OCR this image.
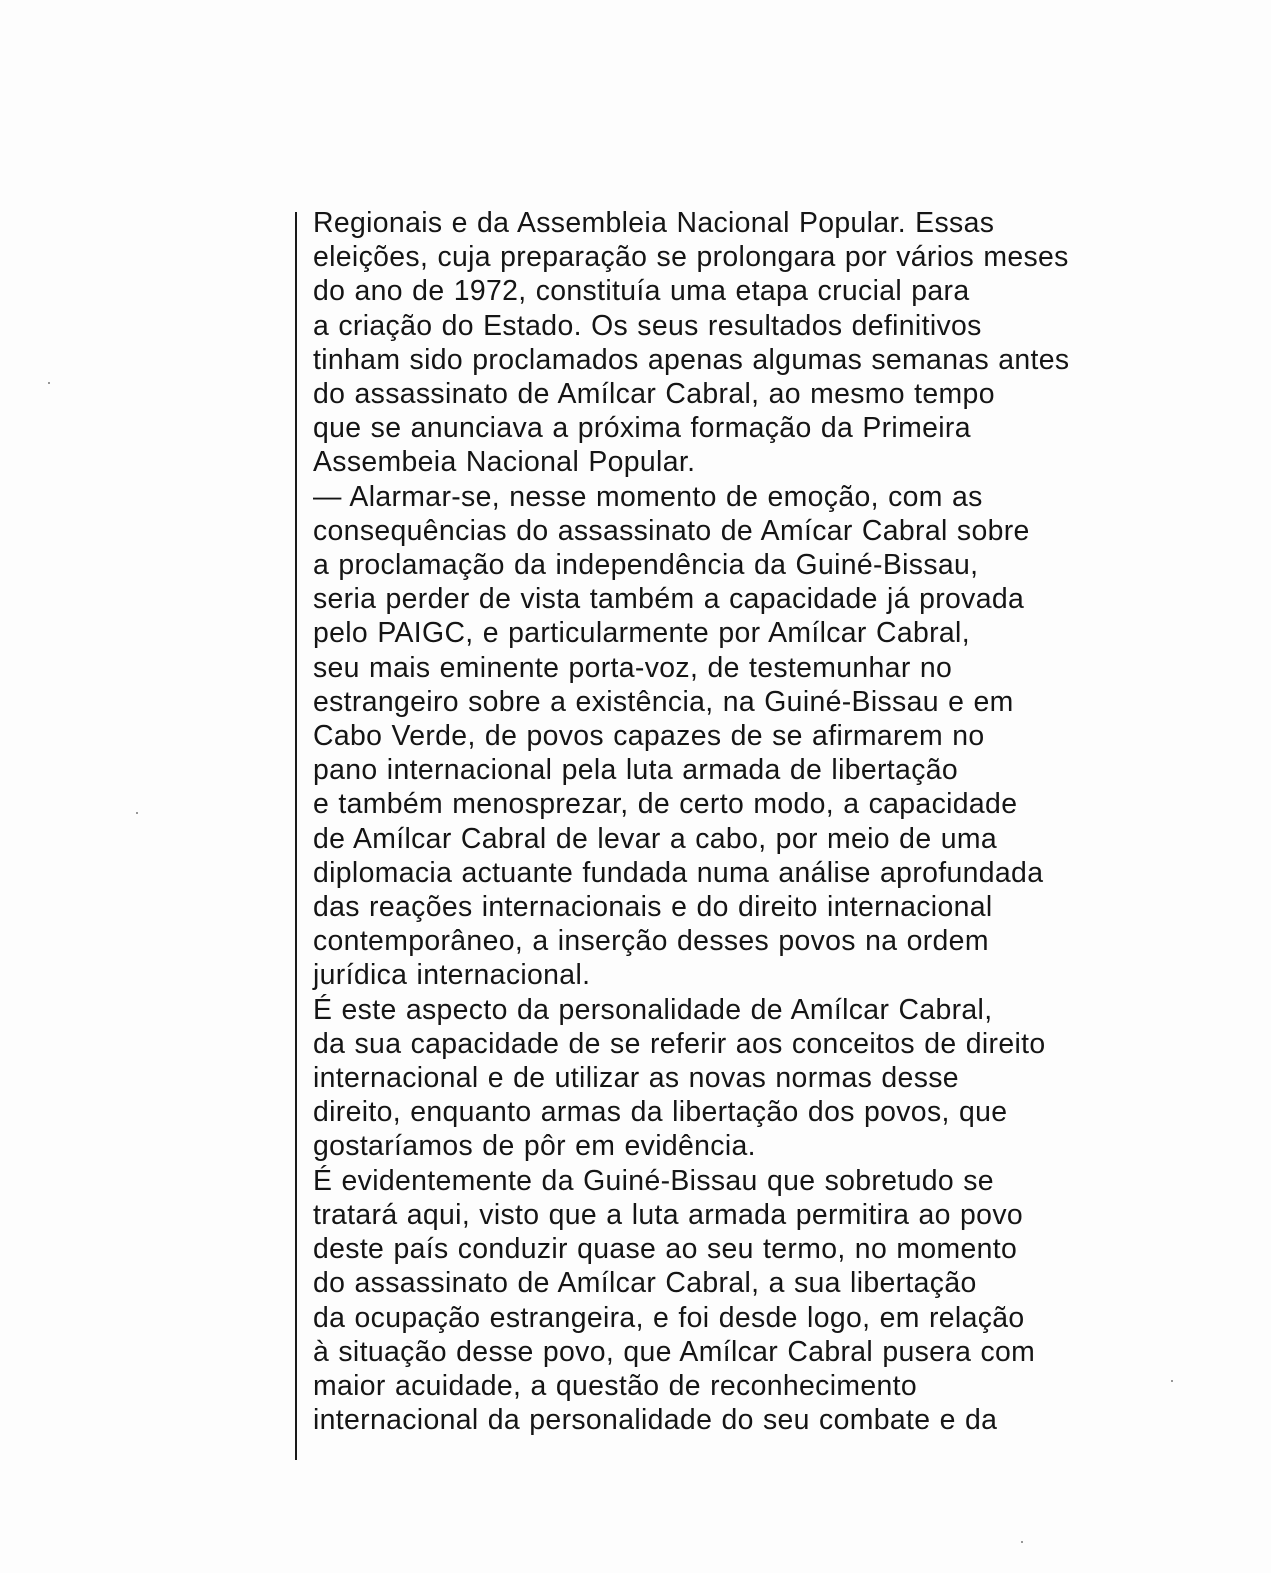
Regionais e da Assembleia Nacional Popular. Essas
eleições, cuja preparação se prolongara por vários meses
do ano de 1972, constituía uma etapa crucial para
a criação do Estado. Os seus resultados definitivos
tinham sido proclamados apenas algumas semanas antes
do assassinato de Amílcar Cabral, ao mesmo tempo
que se anunciava a próxima formação da Primeira
Assembeia Nacional Popular.
— Alarmar-se, nesse momento de emoção, com as
consequências do assassinato de Amícar Cabral sobre
a proclamação da independência da Guiné-Bissau,
seria perder de vista também a capacidade já provada
pelo PAIGC, e particularmente por Amílcar Cabral,
seu mais eminente porta-voz, de testemunhar no
estrangeiro sobre a existência, na Guiné-Bissau e em
Cabo Verde, de povos capazes de se afirmarem no
pano internacional pela luta armada de libertação
e também menosprezar, de certo modo, a capacidade
de Amílcar Cabral de levar a cabo, por meio de uma
diplomacia actuante fundada numa análise aprofundada
das reações internacionais e do direito internacional
contemporâneo, a inserção desses povos na ordem
jurídica internacional.
É este aspecto da personalidade de Amílcar Cabral,
da sua capacidade de se referir aos conceitos de direito
internacional e de utilizar as novas normas desse
direito, enquanto armas da libertação dos povos, que
gostaríamos de pôr em evidência.
É evidentemente da Guiné-Bissau que sobretudo se
tratará aqui, visto que a luta armada permitira ao povo
deste país conduzir quase ao seu termo, no momento
do assassinato de Amílcar Cabral, a sua libertação
da ocupação estrangeira, e foi desde logo, em relação
à situação desse povo, que Amílcar Cabral pusera com
maior acuidade, a questão de reconhecimento
internacional da personalidade do seu combate e da
